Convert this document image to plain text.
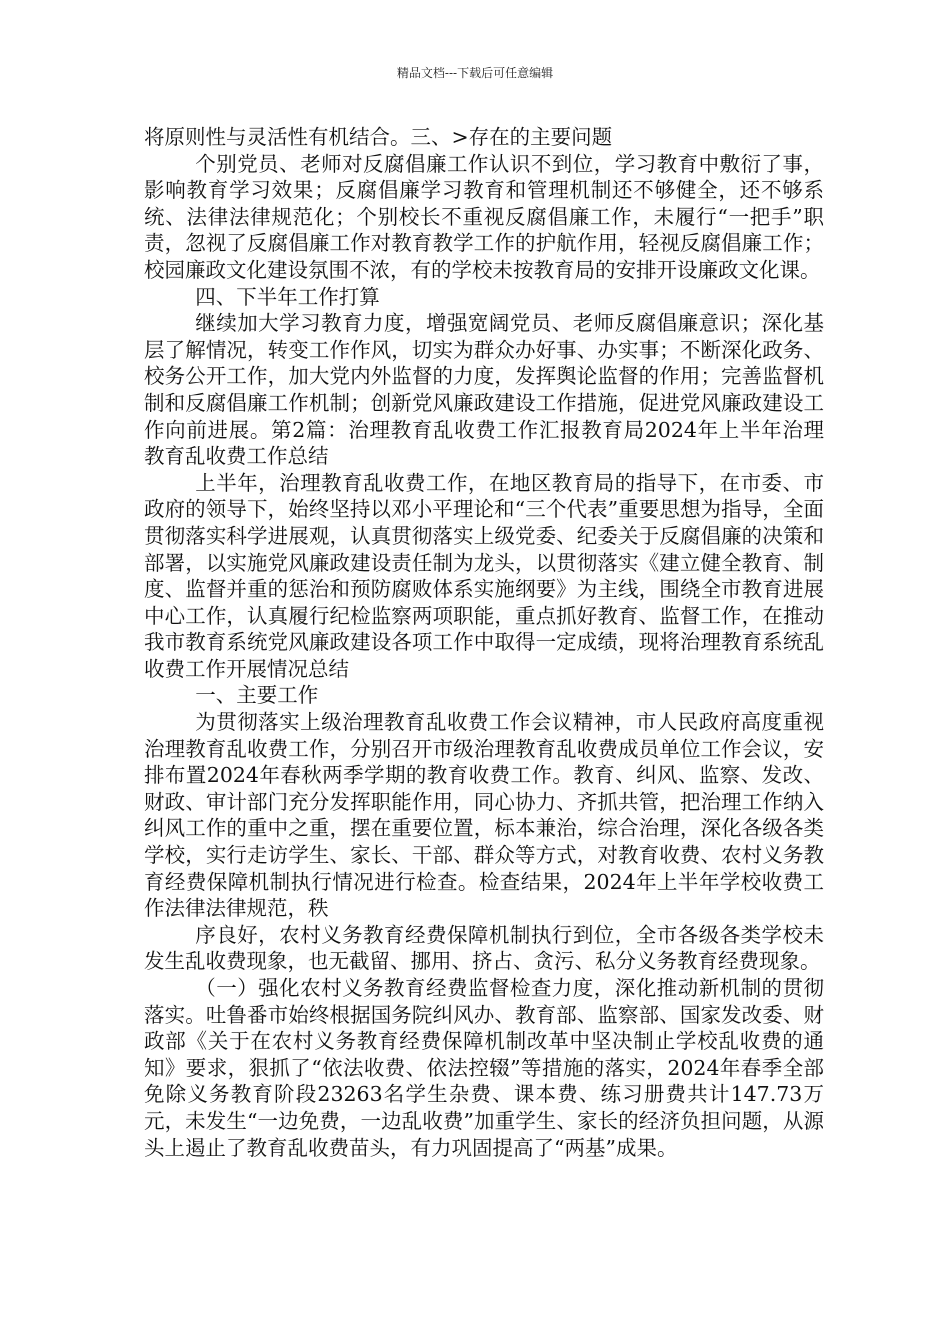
精品文档---下载后可任意编辑

将原则性与灵活性有机结合。三、>存在的主要问题

个别党员、老师对反腐倡廉工作认识不到位，学习教育中敷衍了事，影响教育学习效果；反腐倡廉学习教育和管理机制还不够健全，还不够系统、法律法律规范化；个别校长不重视反腐倡廉工作，未履行“一把手”职责，忽视了反腐倡廉工作对教育教学工作的护航作用，轻视反腐倡廉工作；校园廉政文化建设氛围不浓，有的学校未按教育局的安排开设廉政文化课。

四、下半年工作打算

继续加大学习教育力度，增强宽阔党员、老师反腐倡廉意识；深化基层了解情况，转变工作作风，切实为群众办好事、办实事；不断深化政务、校务公开工作，加大党内外监督的力度，发挥舆论监督的作用；完善监督机制和反腐倡廉工作机制；创新党风廉政建设工作措施，促进党风廉政建设工作向前进展。第2篇：治理教育乱收费工作汇报教育局2024年上半年治理教育乱收费工作总结

上半年，治理教育乱收费工作，在地区教育局的指导下，在市委、市政府的领导下，始终坚持以邓小平理论和“三个代表”重要思想为指导，全面贯彻落实科学进展观，认真贯彻落实上级党委、纪委关于反腐倡廉的决策和部署，以实施党风廉政建设责任制为龙头，以贯彻落实《建立健全教育、制度、监督并重的惩治和预防腐败体系实施纲要》为主线，围绕全市教育进展中心工作，认真履行纪检监察两项职能，重点抓好教育、监督工作，在推动我市教育系统党风廉政建设各项工作中取得一定成绩，现将治理教育系统乱收费工作开展情况总结

一、主要工作

为贯彻落实上级治理教育乱收费工作会议精神，市人民政府高度重视治理教育乱收费工作，分别召开市级治理教育乱收费成员单位工作会议，安排布置2024年春秋两季学期的教育收费工作。教育、纠风、监察、发改、财政、审计部门充分发挥职能作用，同心协力、齐抓共管，把治理工作纳入纠风工作的重中之重，摆在重要位置，标本兼治，综合治理，深化各级各类学校，实行走访学生、家长、干部、群众等方式，对教育收费、农村义务教育经费保障机制执行情况进行检查。检查结果，2024年上半年学校收费工作法律法律规范，秩

序良好，农村义务教育经费保障机制执行到位，全市各级各类学校未发生乱收费现象，也无截留、挪用、挤占、贪污、私分义务教育经费现象。

（一）强化农村义务教育经费监督检查力度，深化推动新机制的贯彻落实。吐鲁番市始终根据国务院纠风办、教育部、监察部、国家发改委、财政部《关于在农村义务教育经费保障机制改革中坚决制止学校乱收费的通知》要求，狠抓了“依法收费、依法控辍”等措施的落实，2024年春季全部免除义务教育阶段23263名学生杂费、课本费、练习册费共计147.73万元，未发生“一边免费，一边乱收费”加重学生、家长的经济负担问题，从源头上遏止了教育乱收费苗头，有力巩固提高了“两基”成果。
